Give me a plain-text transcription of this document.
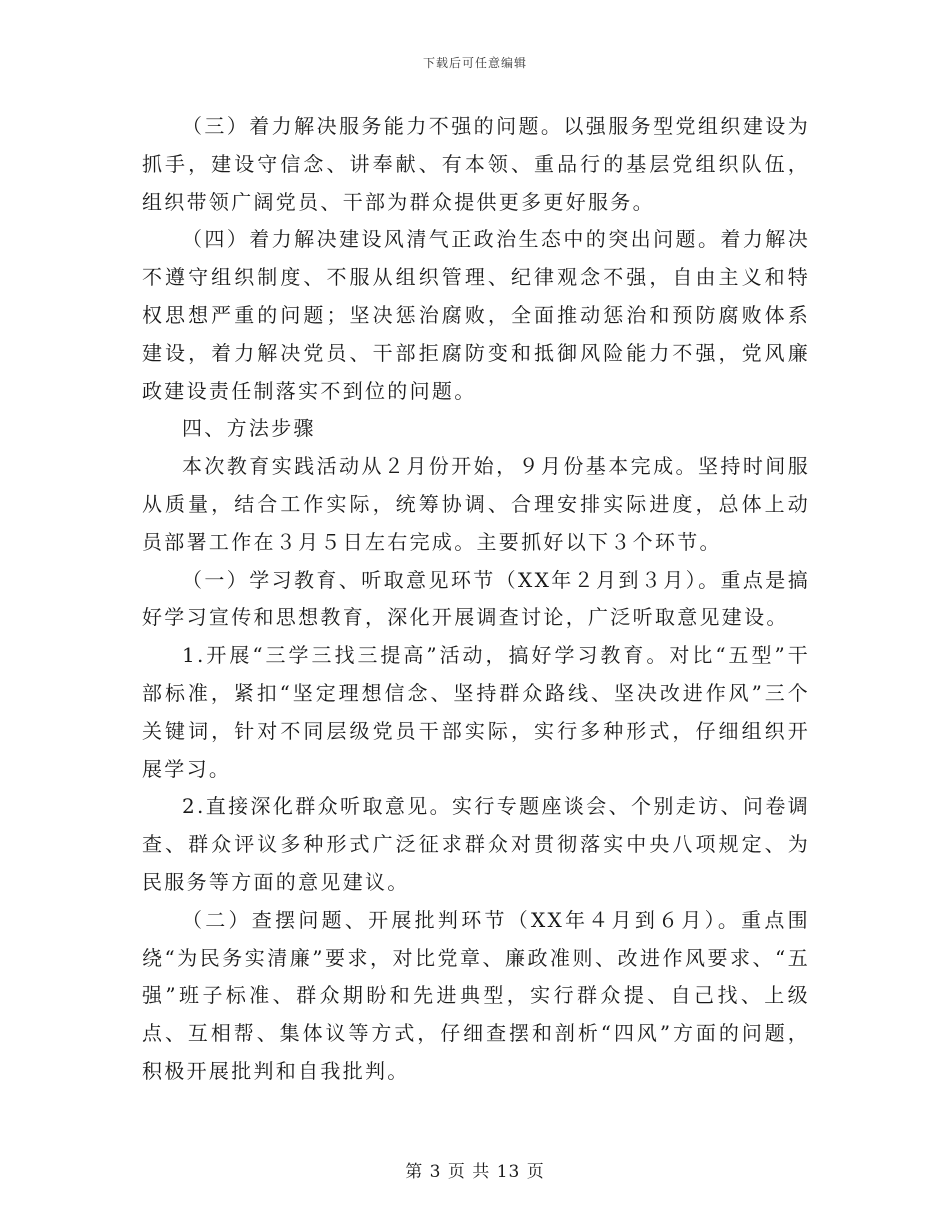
下载后可任意编辑

（三）着力解决服务能力不强的问题。以强服务型党组织建设为抓手，建设守信念、讲奉献、有本领、重品行的基层党组织队伍，组织带领广阔党员、干部为群众提供更多更好服务。

（四）着力解决建设风清气正政治生态中的突出问题。着力解决不遵守组织制度、不服从组织管理、纪律观念不强，自由主义和特权思想严重的问题；坚决惩治腐败，全面推动惩治和预防腐败体系建设，着力解决党员、干部拒腐防变和抵御风险能力不强，党风廉政建设责任制落实不到位的问题。

四、方法步骤

本次教育实践活动从２月份开始，９月份基本完成。坚持时间服从质量，结合工作实际，统筹协调、合理安排实际进度，总体上动员部署工作在３月５日左右完成。主要抓好以下３个环节。

（一）学习教育、听取意见环节（XX年２月到３月）。重点是搞好学习宣传和思想教育，深化开展调查讨论，广泛听取意见建设。

1.开展“三学三找三提高”活动，搞好学习教育。对比“五型”干部标准，紧扣“坚定理想信念、坚持群众路线、坚决改进作风”三个关键词，针对不同层级党员干部实际，实行多种形式，仔细组织开展学习。

2.直接深化群众听取意见。实行专题座谈会、个别走访、问卷调查、群众评议多种形式广泛征求群众对贯彻落实中央八项规定、为民服务等方面的意见建议。

（二）查摆问题、开展批判环节（XX年４月到６月）。重点围绕“为民务实清廉”要求，对比党章、廉政准则、改进作风要求、“五强”班子标准、群众期盼和先进典型，实行群众提、自己找、上级点、互相帮、集体议等方式，仔细查摆和剖析“四风”方面的问题，积极开展批判和自我批判。

第 3 页 共 13 页
